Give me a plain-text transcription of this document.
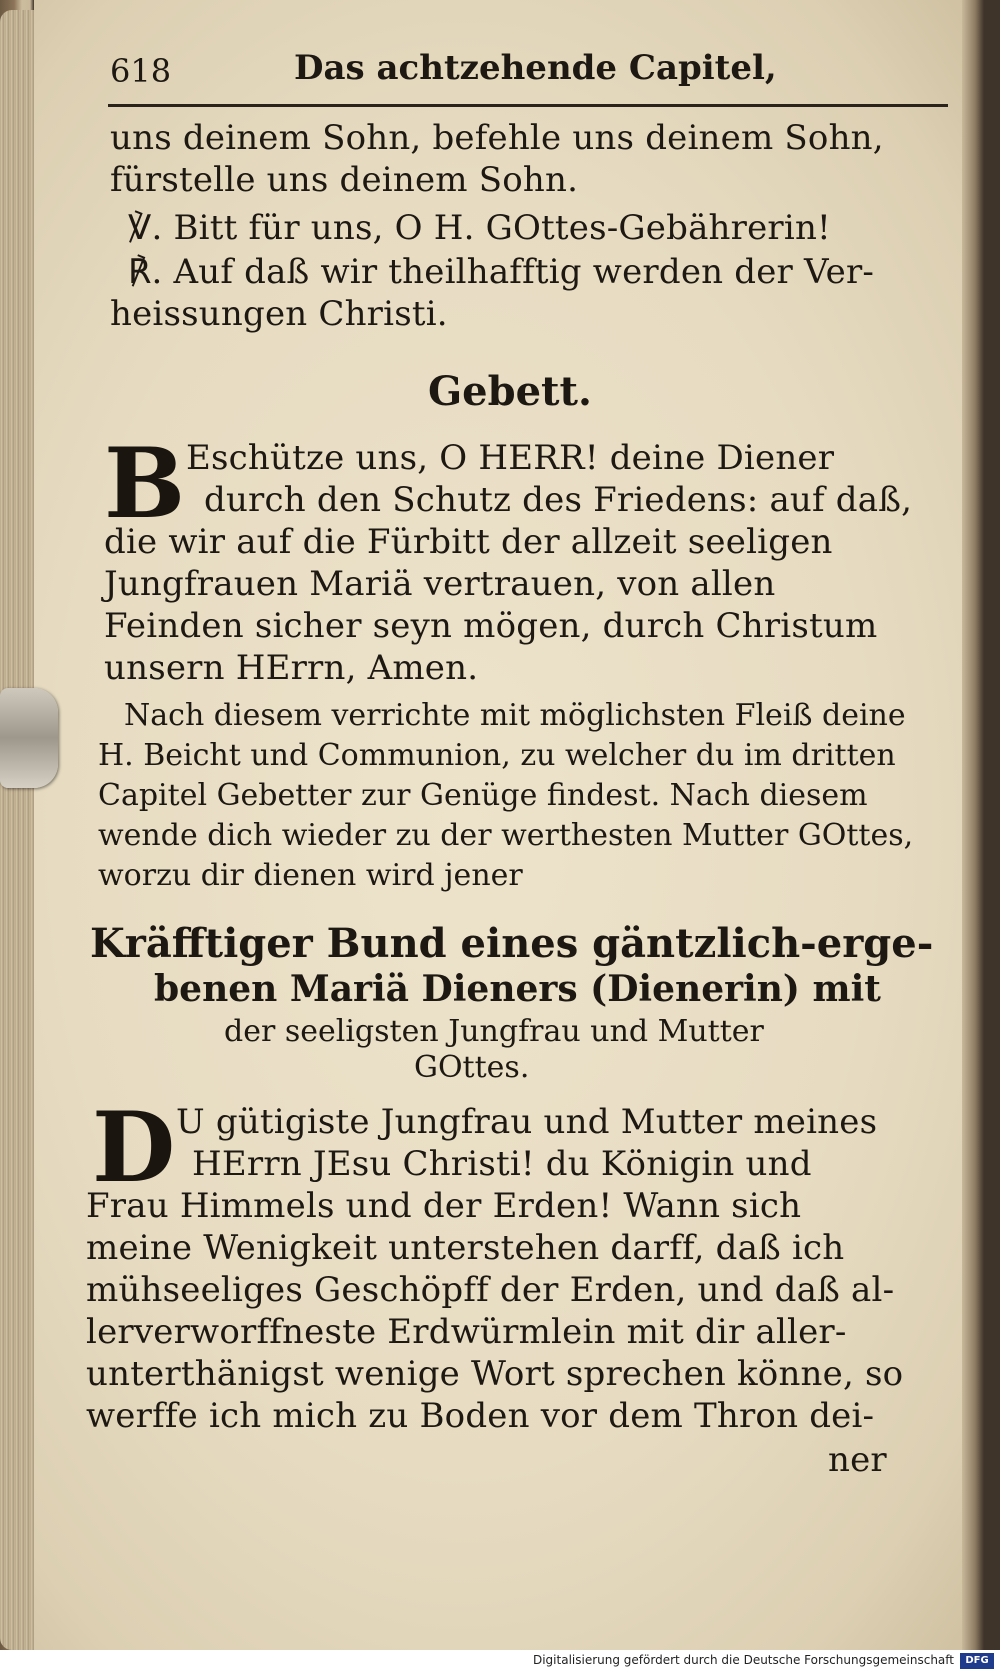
618	Das achtzehende Capitel,
uns deinem Sohn, befehle uns deinem Sohn,
fürstelle uns deinem Sohn.
℣. Bitt für uns, O H. GOttes-Gebährerin!
℟. Auf daß wir theilhafftig werden der Ver-
heissungen Christi.
Gebett.
B Eschütze uns, O HERR! deine Diener
durch den Schutz des Friedens: auf daß,
die wir auf die Fürbitt der allzeit seeligen
Jungfrauen Mariä vertrauen, von allen
Feinden sicher seyn mögen, durch Christum
unsern HErrn, Amen.
Nach diesem verrichte mit möglichsten Fleiß deine
H. Beicht und Communion, zu welcher du im dritten
Capitel Gebetter zur Genüge findest. Nach diesem
wende dich wieder zu der werthesten Mutter GOttes,
worzu dir dienen wird jener
Kräfftiger Bund eines gäntzlich-erge-
benen Mariä Dieners (Dienerin) mit
der seeligsten Jungfrau und Mutter
GOttes.
D U gütigiste Jungfrau und Mutter meines
HErrn JEsu Christi! du Königin und
Frau Himmels und der Erden! Wann sich
meine Wenigkeit unterstehen darff, daß ich
mühseeliges Geschöpff der Erden, und daß al-
lerverworffneste Erdwürmlein mit dir aller-
unterthänigst wenige Wort sprechen könne, so
werffe ich mich zu Boden vor dem Thron dei-
ner
Digitalisierung gefördert durch die Deutsche Forschungsgemeinschaft	DFG
